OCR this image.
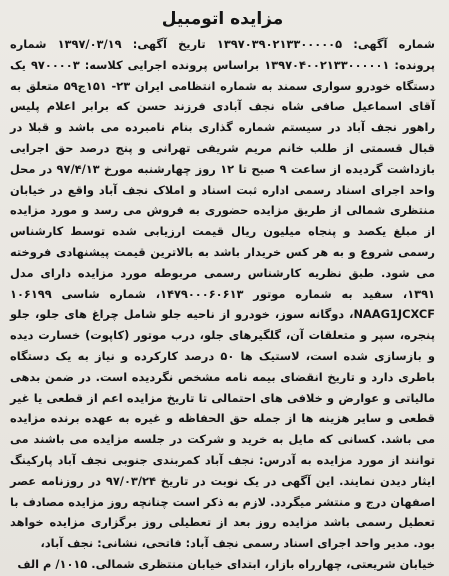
مزایده اتومبیل

شماره آگهی: ۱۳۹۷۰۳۹۰۲۱۳۳۰۰۰۰۰۵ تاریخ آگهی: ۱۳۹۷/۰۳/۱۹ شماره پرونده: ۱۳۹۷۰۴۰۰۲۱۳۳۰۰۰۰۰۱ براساس پرونده اجرایی کلاسه: ۹۷۰۰۰۰۳ یک دستگاه خودرو سواری سمند به شماره انتظامی ایران ۲۳- ۱۵۱ج۵۹ متعلق به آقای اسماعیل صافی شاه نجف آبادی فرزند حسن که برابر اعلام پلیس راهور نجف آباد در سیستم شماره گذاری بنام نامبرده می باشد و قبلا در قبال قسمتی از طلب خانم مریم شریفی تهرانی و پنج درصد حق اجرایی بازداشت گردیده از ساعت ۹ صبح تا ۱۲ روز چهارشنبه مورخ ۹۷/۴/۱۳ در محل واحد اجرای اسناد رسمی اداره ثبت اسناد و املاک نجف آباد واقع در خیابان منتظری شمالی از طریق مزایده حضوری به فروش می رسد و مورد مزایده از مبلغ یکصد و پنجاه میلیون ریال قیمت ارزیابی شده توسط کارشناس رسمی شروع و به هر کس خریدار باشد به بالاترین قیمت پیشنهادی فروخته می شود. طبق نظریه کارشناس رسمی مربوطه مورد مزایده دارای مدل ۱۳۹۱، سفید به شماره موتور ۱۴۷۹۰۰۰۶۰۶۱۳، شماره شاسی ۱۰۶۱۹۹ NAAG1JCXCF، دوگانه سوز، خودرو از ناحیه جلو شامل چراغ های جلو، جلو پنجره، سپر و متعلقات آن، گلگیرهای جلو، درب موتور (کاپوت) خسارت دیده و بازسازی شده است، لاستیک ها ۵۰ درصد کارکرده و نیاز به یک دستگاه باطری دارد و تاریخ انقضای بیمه نامه مشخص نگردیده است. در ضمن بدهی مالیاتی و عوارض و خلافی های احتمالی تا تاریخ مزایده اعم از قطعی یا غیر قطعی و سایر هزینه ها از جمله حق الحفاظه و غیره به عهده برنده مزایده می باشد. کسانی که مایل به خرید و شرکت در جلسه مزایده می باشند می توانند از مورد مزایده به آدرس: نجف آباد کمربندی جنوبی نجف آباد پارکینگ ایثار دیدن نمایند. این آگهی در یک نوبت در تاریخ ۹۷/۰۳/۲۴ در روزنامه عصر اصفهان درج و منتشر میگردد. لازم به ذکر است چنانچه روز مزایده مصادف با تعطیل رسمی باشد مزایده روز بعد از تعطیلی روز برگزاری مزایده خواهد بود. مدیر واحد اجرای اسناد رسمی نجف آباد: فاتحی، نشانی: نجف آباد،

خیابان شریعتی، چهارراه بازار، ابتدای خیابان منتظری شمالی. ۱۰۱۵/ م الف
